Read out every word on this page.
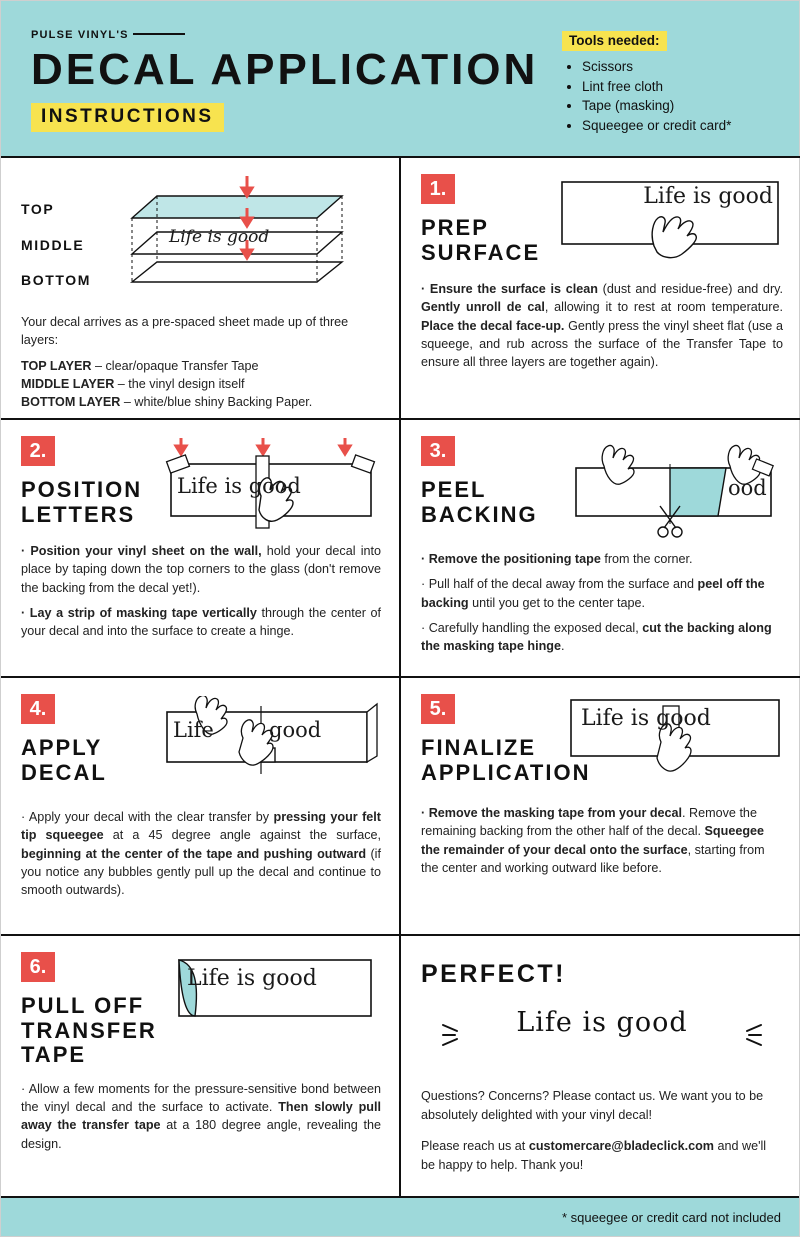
PULSE VINYL'S
DECAL APPLICATION
INSTRUCTIONS
Tools needed:
• Scissors
• Lint free cloth
• Tape (masking)
• Squeegee or credit card*
TOP
MIDDLE
BOTTOM
Life is good

Your decal arrives as a pre-spaced sheet made up of three layers:

TOP LAYER – clear/opaque Transfer Tape
MIDDLE LAYER – the vinyl design itself
BOTTOM LAYER – white/blue shiny Backing Paper.

1.
PREP
SURFACE
Life is good

· Ensure the surface is clean (dust and residue-free) and dry. Gently unroll de cal, allowing it to rest at room temperature. Place the decal face-up. Gently press the vinyl sheet flat (use a squeege, and rub across the surface of the Transfer Tape to ensure all three layers are together again).

2.
POSITION
LETTERS
Life is good

· Position your vinyl sheet on the wall, hold your decal into place by taping down the top corners to the glass (don't remove the backing from the decal yet!).

· Lay a strip of masking tape vertically through the center of your decal and into the surface to create a hinge.

3.
PEEL
BACKING
ood

· Remove the positioning tape from the corner.

· Pull half of the decal away from the surface and peel off the backing until you get to the center tape.

· Carefully handling the exposed decal, cut the backing along the masking tape hinge.

4.
APPLY
DECAL
Life	good

· Apply your decal with the clear transfer by pressing your felt tip squeegee at a 45 degree angle against the surface, beginning at the center of the tape and pushing outward (if you notice any bubbles gently pull up the decal and continue to smooth outwards).

5.
FINALIZE
APPLICATION
Life is good

· Remove the masking tape from your decal. Remove the remaining backing from the other half of the decal. Squeegee the remainder of your decal onto the surface, starting from the center and working outward like before.

6.
PULL OFF
TRANSFER
TAPE
Life is good

· Allow a few moments for the pressure-sensitive bond between the vinyl decal and the surface to activate. Then slowly pull away the transfer tape at a 180 degree angle, revealing the design.

PERFECT!
Life is good

Questions? Concerns? Please contact us. We want you to be absolutely delighted with your vinyl decal!

Please reach us at customercare@bladeclick.com and we'll be happy to help. Thank you!

* squeegee or credit card not included
